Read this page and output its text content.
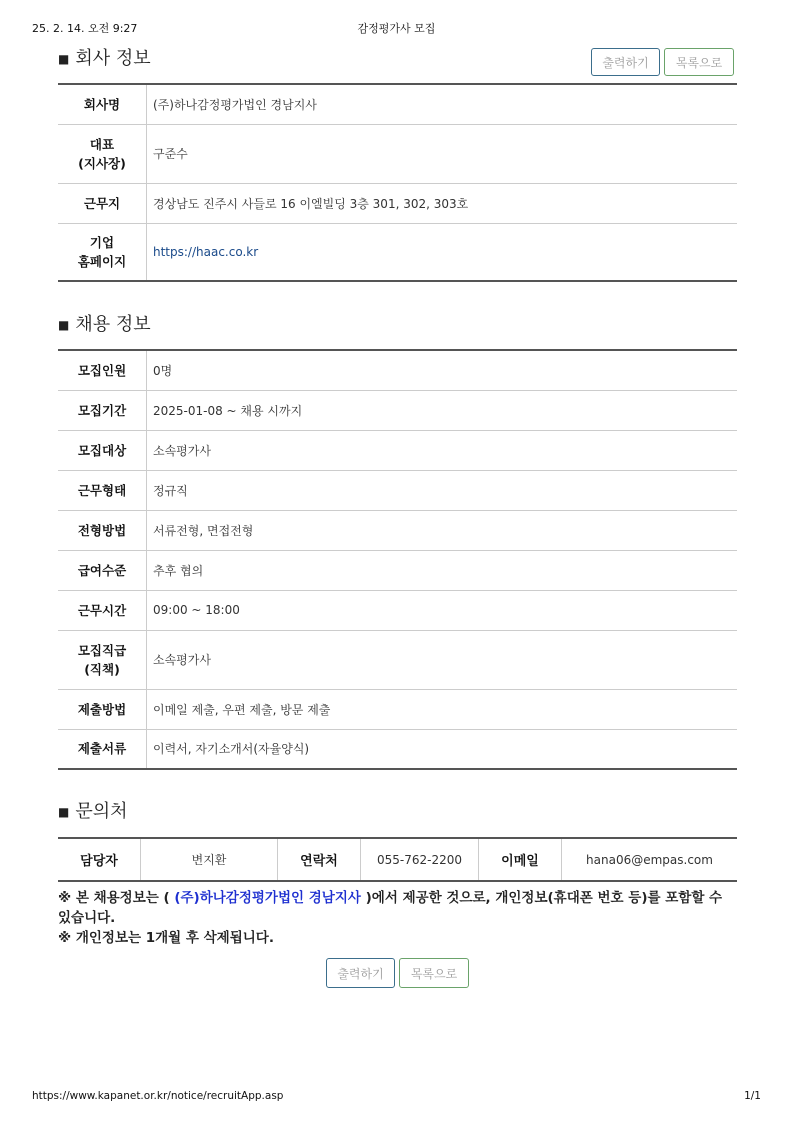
25. 2. 14. 오전 9:27	감정평가사 모집
■ 회사 정보	출력하기	목록으로
회사명	(주)하나감정평가법인 경남지사
대표
(지사장)	구준수
근무지	경상남도 진주시 사들로 16 이엘빌딩 3층 301, 302, 303호
기업
홈페이지	https://haac.co.kr
■ 채용 정보
모집인원	0명
모집기간	2025-01-08 ~ 채용 시까지
모집대상	소속평가사
근무형태	정규직
전형방법	서류전형, 면접전형
급여수준	추후 협의
근무시간	09:00 ~ 18:00
모집직급
(직책)	소속평가사
제출방법	이메일 제출, 우편 제출, 방문 제출
제출서류	이력서, 자기소개서(자율양식)
■ 문의처
담당자	변지환	연락처	055-762-2200	이메일	hana06@empas.com
※ 본 채용정보는 ( (주)하나감정평가법인 경남지사 )에서 제공한 것으로, 개인정보(휴대폰 번호 등)를 포함할 수 있습니다.
※ 개인정보는 1개월 후 삭제됩니다.
출력하기	목록으로
https://www.kapanet.or.kr/notice/recruitApp.asp	1/1
